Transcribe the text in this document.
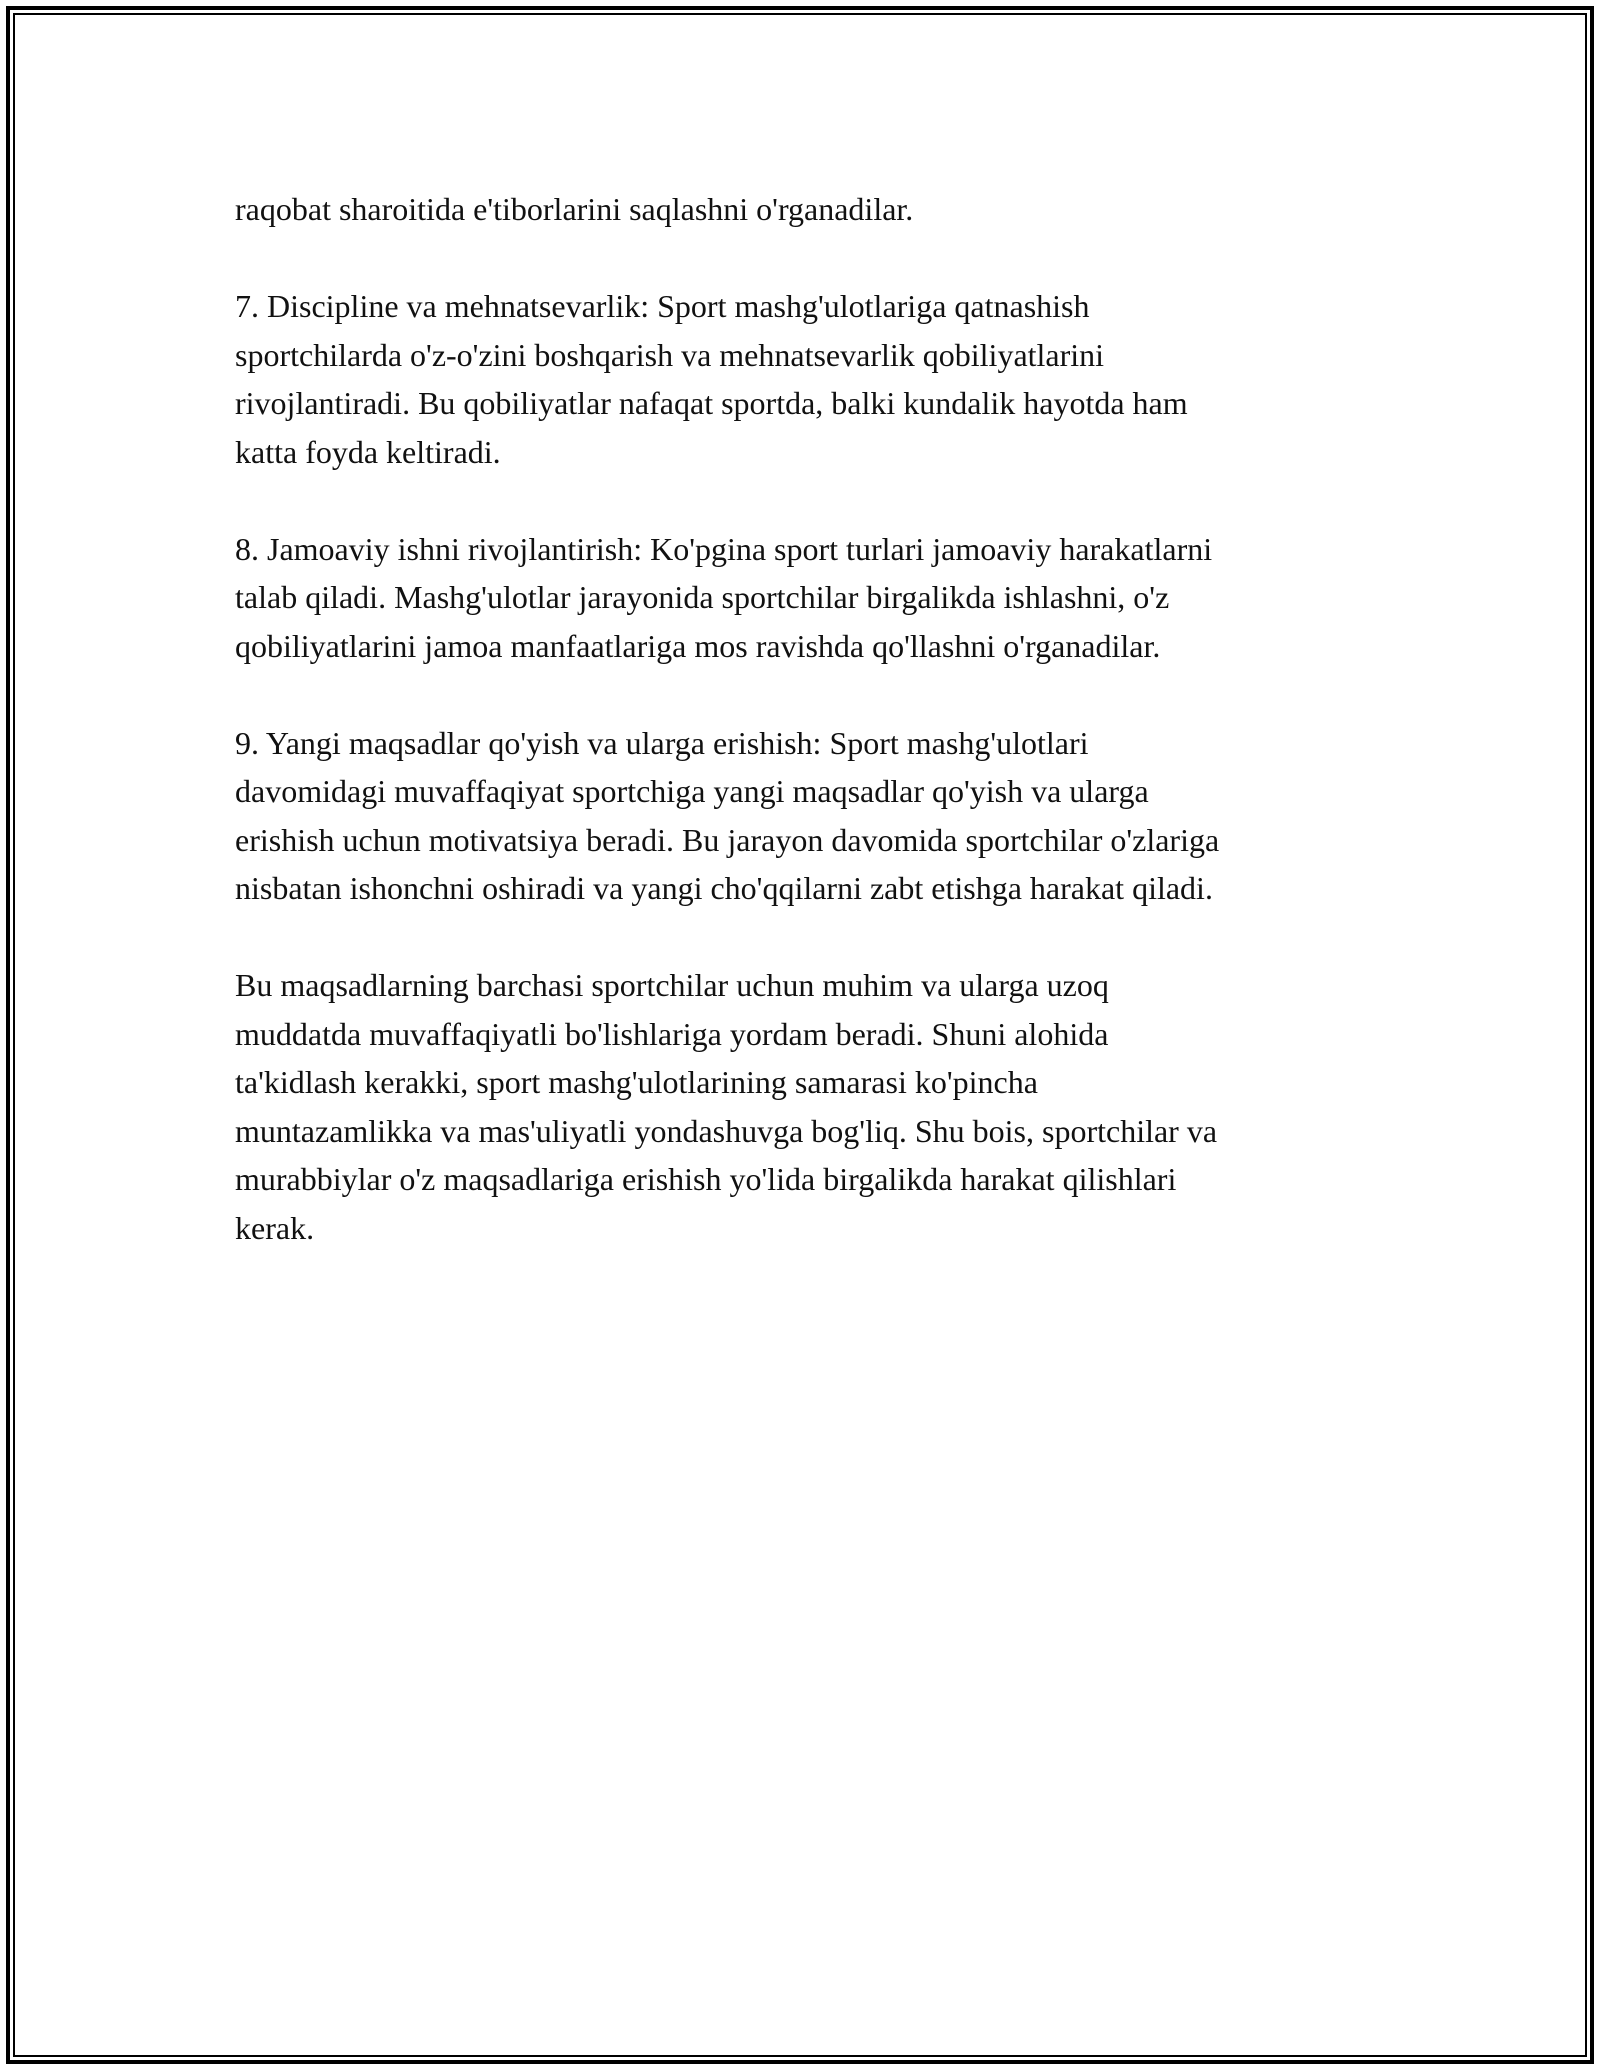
raqobat sharoitida e'tiborlarini saqlashni o'rganadilar.

7. Discipline va mehnatsevarlik: Sport mashg'ulotlariga qatnashish
sportchilarda o'z-o'zini boshqarish va mehnatsevarlik qobiliyatlarini
rivojlantiradi. Bu qobiliyatlar nafaqat sportda, balki kundalik hayotda ham
katta foyda keltiradi.

8. Jamoaviy ishni rivojlantirish: Ko'pgina sport turlari jamoaviy harakatlarni
talab qiladi. Mashg'ulotlar jarayonida sportchilar birgalikda ishlashni, o'z
qobiliyatlarini jamoa manfaatlariga mos ravishda qo'llashni o'rganadilar.

9. Yangi maqsadlar qo'yish va ularga erishish: Sport mashg'ulotlari
davomidagi muvaffaqiyat sportchiga yangi maqsadlar qo'yish va ularga
erishish uchun motivatsiya beradi. Bu jarayon davomida sportchilar o'zlariga
nisbatan ishonchni oshiradi va yangi cho'qqilarni zabt etishga harakat qiladi.

Bu maqsadlarning barchasi sportchilar uchun muhim va ularga uzoq
muddatda muvaffaqiyatli bo'lishlariga yordam beradi. Shuni alohida
ta'kidlash kerakki, sport mashg'ulotlarining samarasi ko'pincha
muntazamlikka va mas'uliyatli yondashuvga bog'liq. Shu bois, sportchilar va
murabbiylar o'z maqsadlariga erishish yo'lida birgalikda harakat qilishlari
kerak.
